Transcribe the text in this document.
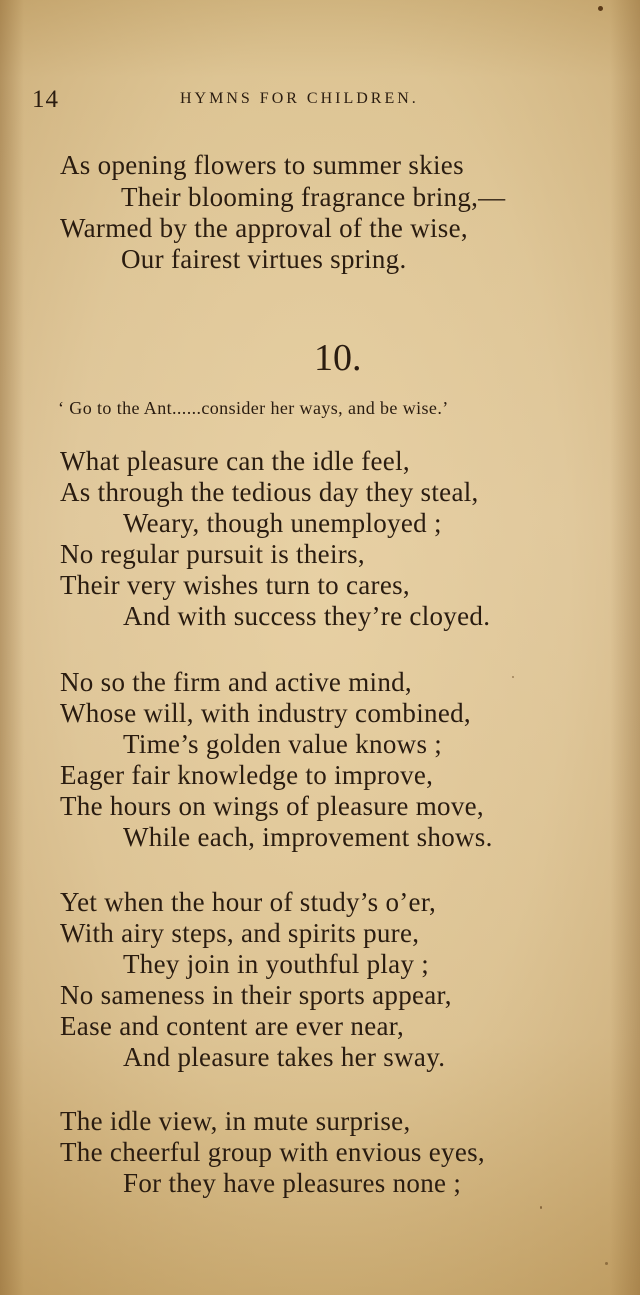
14	HYMNS FOR CHILDREN.
As opening flowers to summer skies
Their blooming fragrance bring,—
Warmed by the approval of the wise,
Our fairest virtues spring.
10.
‘ Go to the Ant......consider her ways, and be wise.’
What pleasure can the idle feel,
As through the tedious day they steal,
Weary, though unemployed ;
No regular pursuit is theirs,
Their very wishes turn to cares,
And with success they’re cloyed.
No so the firm and active mind,
Whose will, with industry combined,
Time’s golden value knows ;
Eager fair knowledge to improve,
The hours on wings of pleasure move,
While each, improvement shows.
Yet when the hour of study’s o’er,
With airy steps, and spirits pure,
They join in youthful play ;
No sameness in their sports appear,
Ease and content are ever near,
And pleasure takes her sway.
The idle view, in mute surprise,
The cheerful group with envious eyes,
For they have pleasures none ;
